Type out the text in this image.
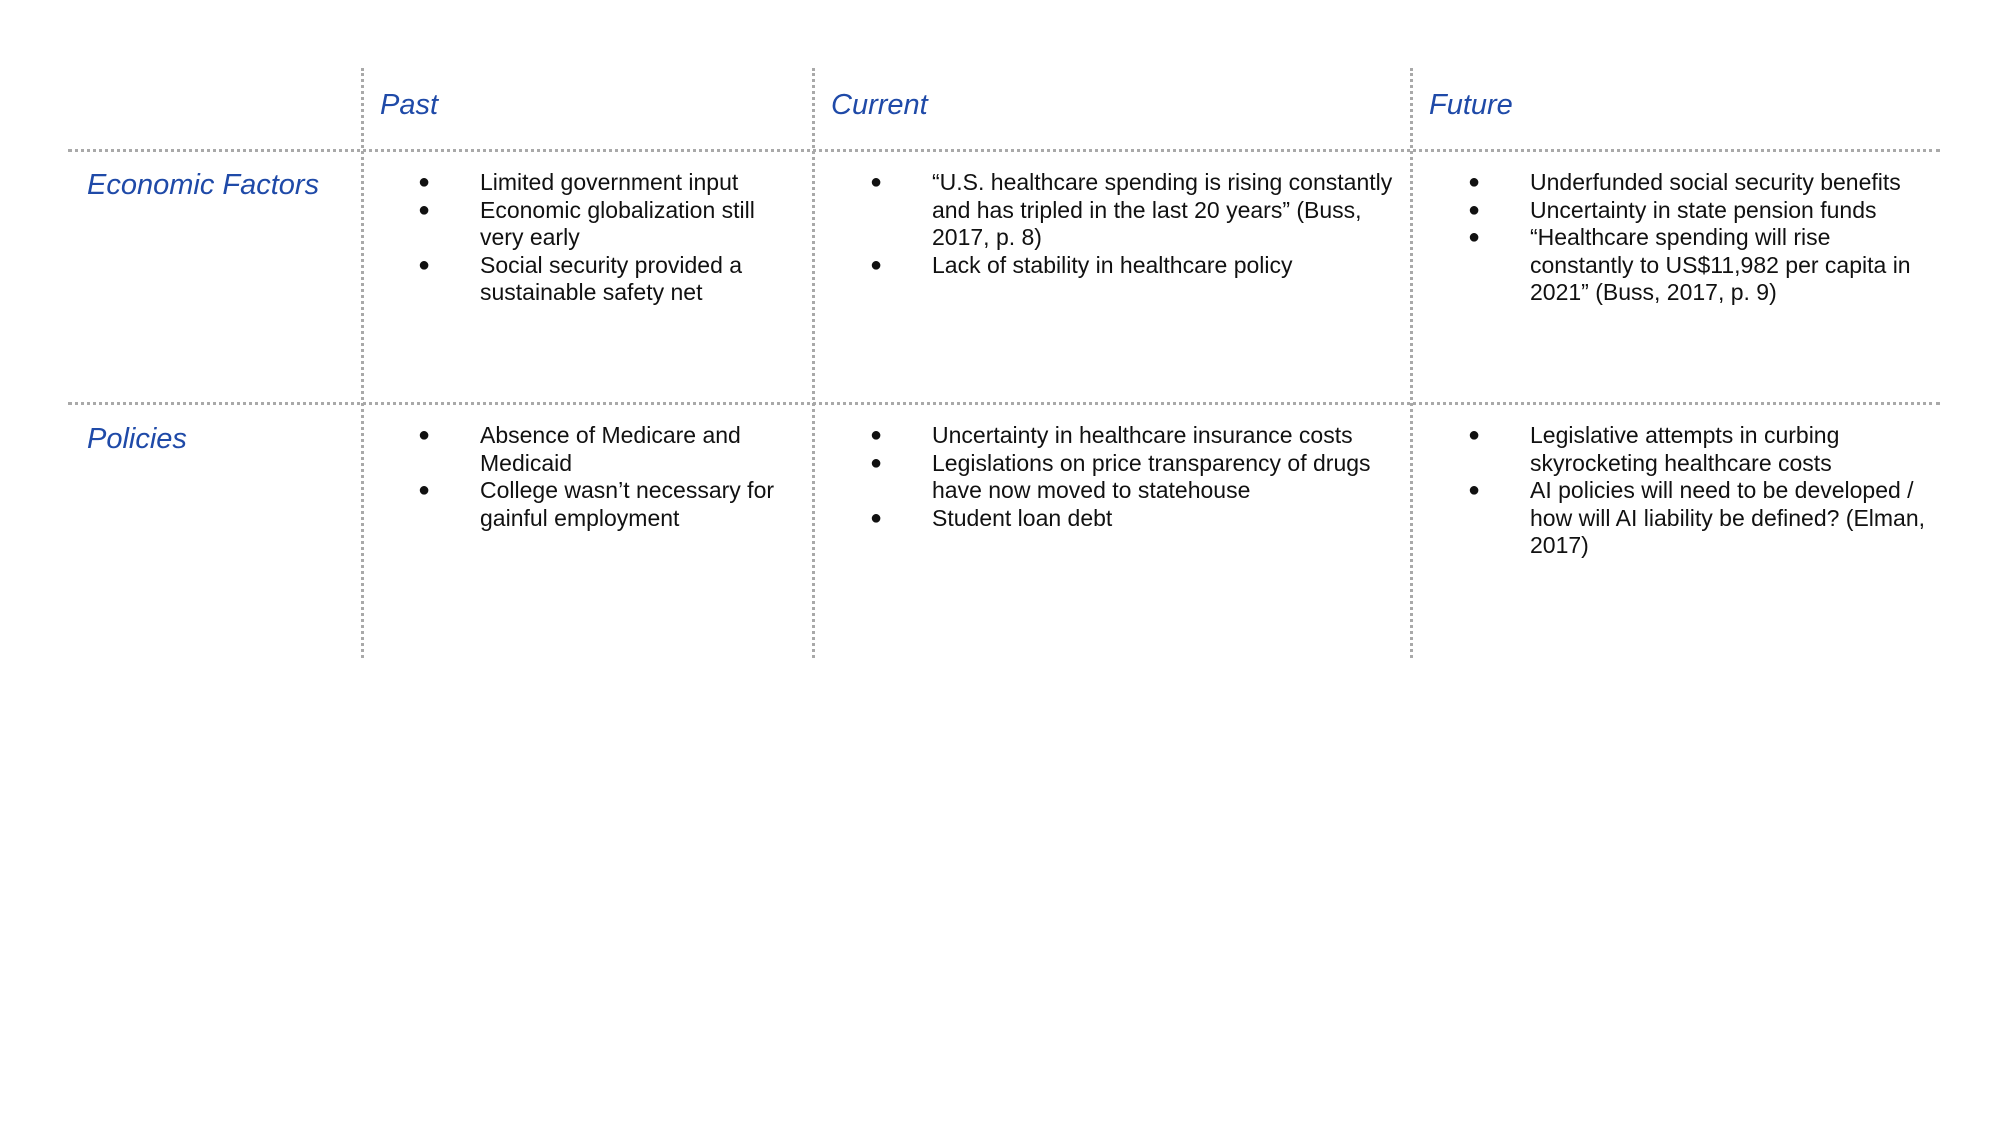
Past	Current	Future
Economic Factors
Policies
● Limited government input
● Economic globalization still very early
● Social security provided a sustainable safety net
● “U.S. healthcare spending is rising constantly and has tripled in the last 20 years” (Buss, 2017, p. 8)
● Lack of stability in healthcare policy
● Underfunded social security benefits
● Uncertainty in state pension funds
● “Healthcare spending will rise constantly to US$11,982 per capita in 2021” (Buss, 2017, p. 9)
● Absence of Medicare and Medicaid
● College wasn’t necessary for gainful employment
● Uncertainty in healthcare insurance costs
● Legislations on price transparency of drugs have now moved to statehouse
● Student loan debt
● Legislative attempts in curbing skyrocketing healthcare costs
● AI policies will need to be developed / how will AI liability be defined? (Elman, 2017)
